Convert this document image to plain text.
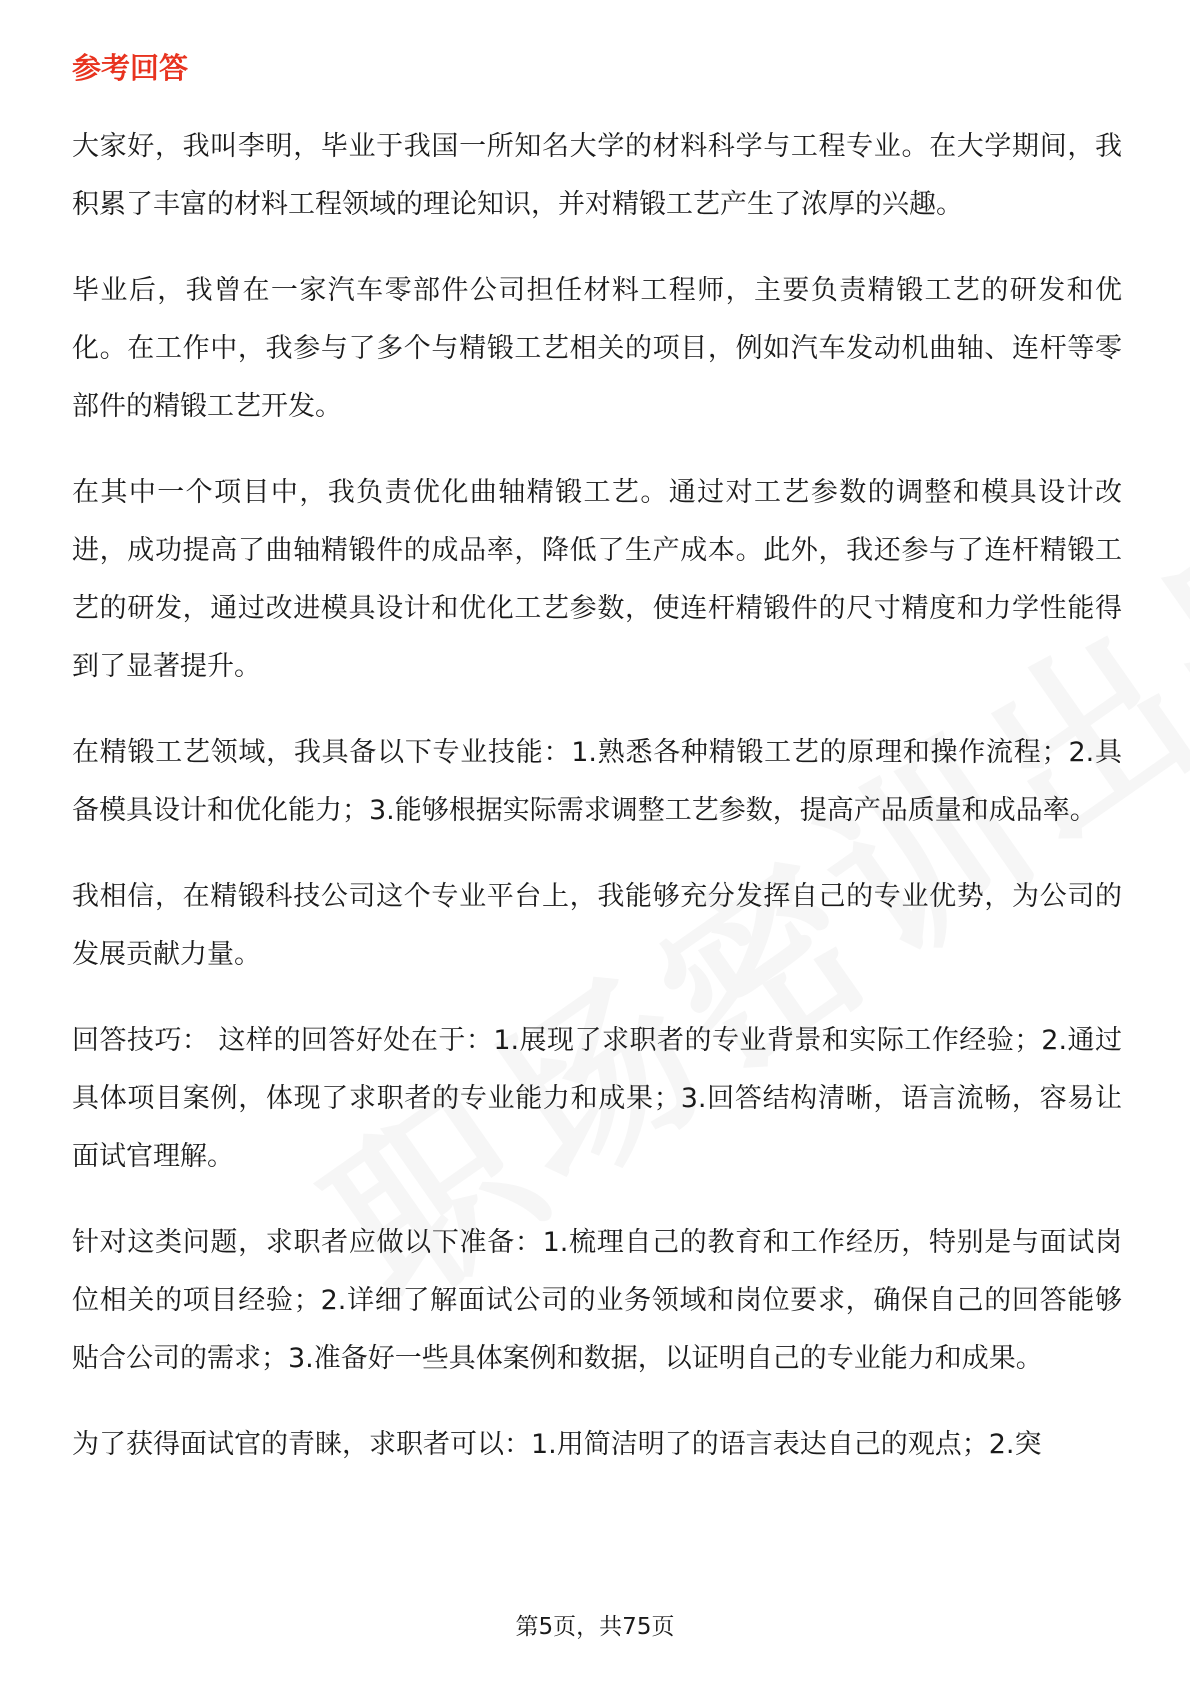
参考回答

大家好，我叫李明，毕业于我国一所知名大学的材料科学与工程专业。在大学期间，我积累了丰富的材料工程领域的理论知识，并对精锻工艺产生了浓厚的兴趣。

毕业后，我曾在一家汽车零部件公司担任材料工程师，主要负责精锻工艺的研发和优化。在工作中，我参与了多个与精锻工艺相关的项目，例如汽车发动机曲轴、连杆等零部件的精锻工艺开发。

在其中一个项目中，我负责优化曲轴精锻工艺。通过对工艺参数的调整和模具设计改进，成功提高了曲轴精锻件的成品率，降低了生产成本。此外，我还参与了连杆精锻工艺的研发，通过改进模具设计和优化工艺参数，使连杆精锻件的尺寸精度和力学性能得到了显著提升。

在精锻工艺领域，我具备以下专业技能：1.熟悉各种精锻工艺的原理和操作流程；2.具备模具设计和优化能力；3.能够根据实际需求调整工艺参数，提高产品质量和成品率。

我相信，在精锻科技公司这个专业平台上，我能够充分发挥自己的专业优势，为公司的发展贡献力量。

回答技巧： 这样的回答好处在于：1.展现了求职者的专业背景和实际工作经验；2.通过具体项目案例，体现了求职者的专业能力和成果；3.回答结构清晰，语言流畅，容易让面试官理解。

针对这类问题，求职者应做以下准备：1.梳理自己的教育和工作经历，特别是与面试岗位相关的项目经验；2.详细了解面试公司的业务领域和岗位要求，确保自己的回答能够贴合公司的需求；3.准备好一些具体案例和数据，以证明自己的专业能力和成果。

为了获得面试官的青睐，求职者可以：1.用简洁明了的语言表达自己的观点；2.突

第5页，共75页
